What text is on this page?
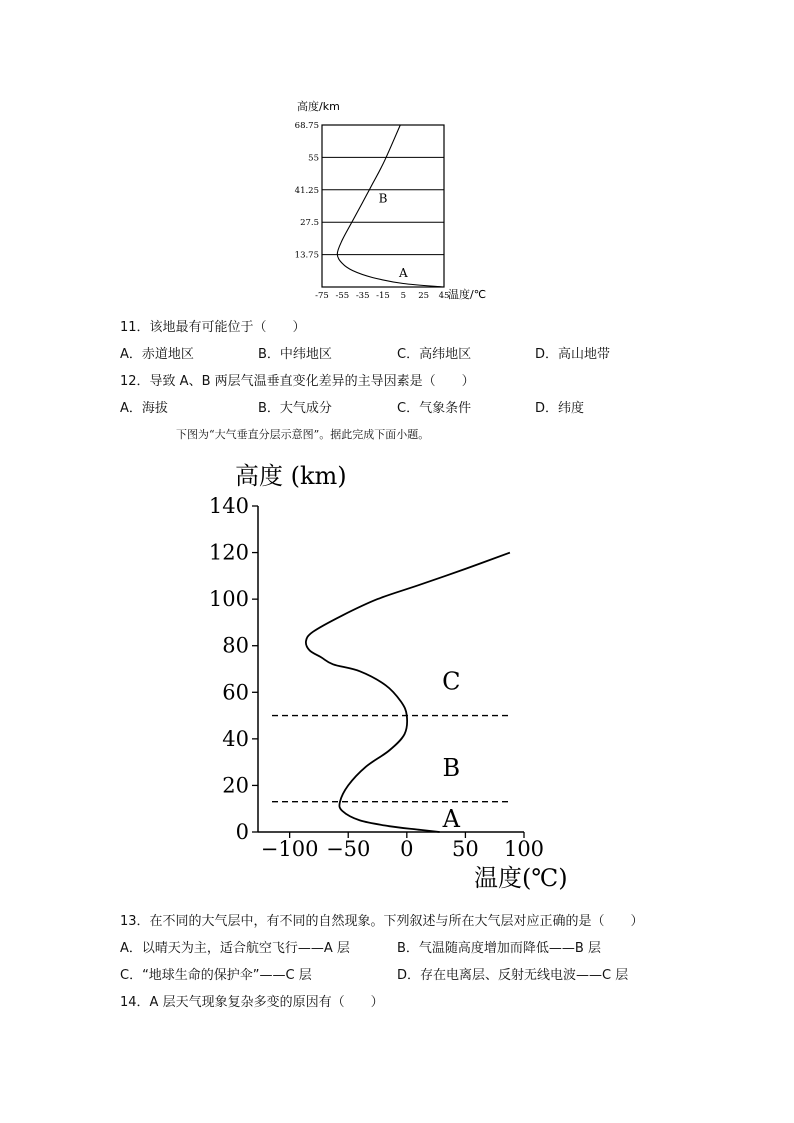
高度/km
13.75
27.5
41.25
55
68.75
-75 -55 -35 -15 5 25 45
A
B
温度/℃
11．该地最有可能位于（　　）
A．赤道地区	B．中纬地区	C．高纬地区	D．高山地带
12．导致 A、B 两层气温垂直变化差异的主导因素是（　　）
A．海拔	B．大气成分	C．气象条件	D．纬度
下图为“大气垂直分层示意图”。据此完成下面小题。
高度 (km)
0
20
40
60
80
100
120
140
−100 −50 0 50 100
A
B
C
温度(℃)
13．在不同的大气层中，有不同的自然现象。下列叙述与所在大气层对应正确的是（　　）
A．以晴天为主，适合航空飞行——A 层	B．气温随高度增加而降低——B 层
C．“地球生命的保护伞”——C 层	D．存在电离层、反射无线电波——C 层
14．A 层天气现象复杂多变的原因有（　　）
